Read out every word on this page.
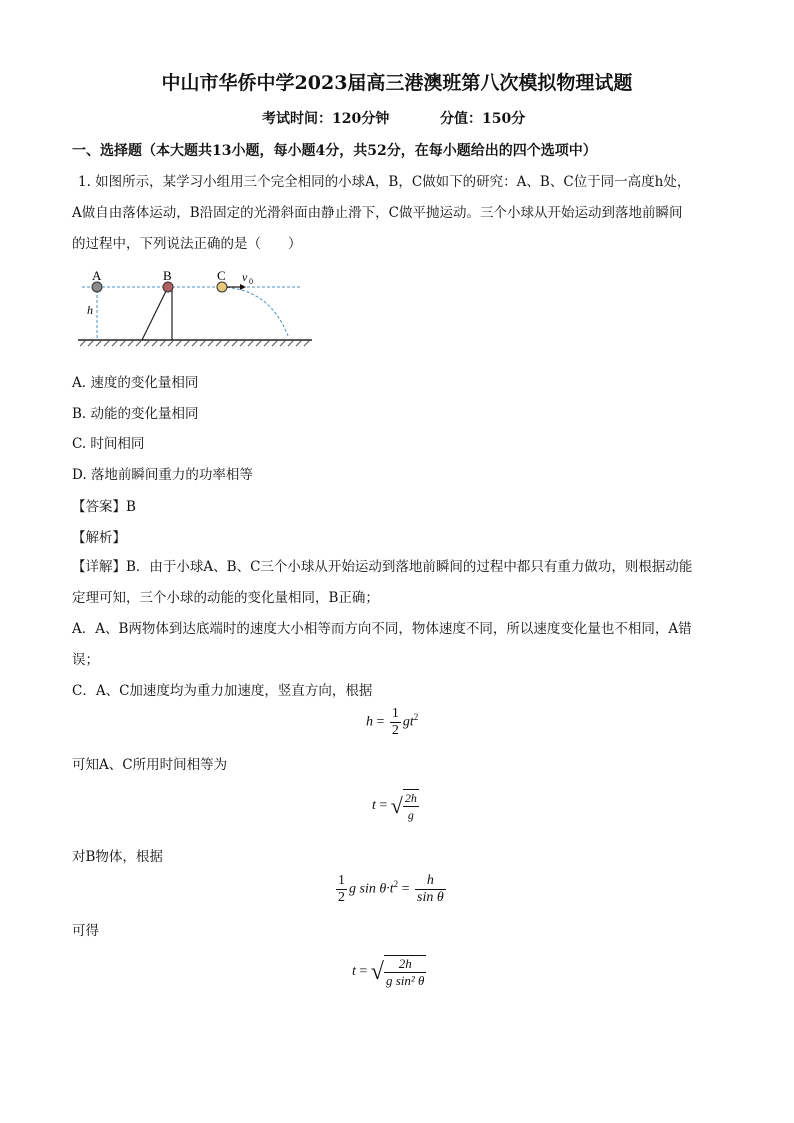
中山市华侨中学2023届高三港澳班第八次模拟物理试题
考试时间：120分钟	分值：150分
一、选择题（本大题共13小题，每小题4分，共52分，在每小题给出的四个选项中）
1. 如图所示，某学习小组用三个完全相同的小球A，B，C做如下的研究：A、B、C位于同一高度h处，
A做自由落体运动，B沿固定的光滑斜面由静止滑下，C做平抛运动。三个小球从开始运动到落地前瞬间
的过程中，下列说法正确的是（　　）
A	B	C v 0
h
A. 速度的变化量相同
B. 动能的变化量相同
C. 时间相同
D. 落地前瞬间重力的功率相等
【答案】B
【解析】
【详解】B．由于小球A、B、C三个小球从开始运动到落地前瞬间的过程中都只有重力做功，则根据动能
定理可知，三个小球的动能的变化量相同，B正确；
A．A、B两物体到达底端时的速度大小相等而方向不同，物体速度不同，所以速度变化量也不相同，A错
误；
C．A、C加速度均为重力加速度，竖直方向，根据
$h = \frac{1}{2} gt^2$
可知A、C所用时间相等为
t = √ $\frac{2h}{g}$
对B物体，根据
$\frac{1}{2}$ g $\sin \theta\cdot t^2 = \frac{h}{\text{sin θ}}$
可得
t = √ $\frac{2h}{\text{g sin² θ}}$
